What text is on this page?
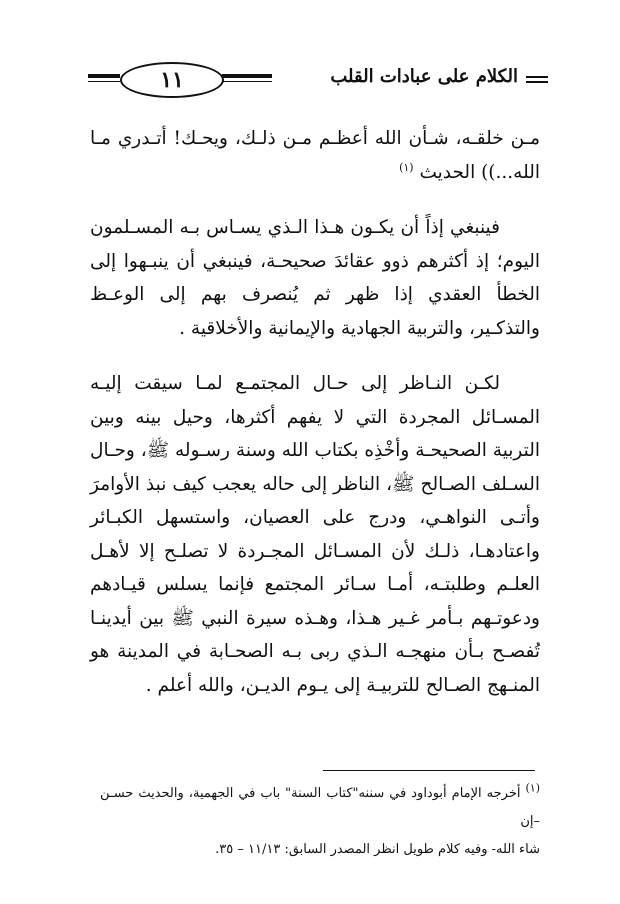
١١	الكلام على عبادات القلب

مـن خلقـه، شـأن الله أعظـم مـن ذلـك، ويحـك! أتـدري مـا الله...)) الحديث $^{(١)}$

فينبغي إذاً أن يكـون هـذا الـذي يسـاس بـه المسـلمون اليوم؛ إذ أكثرهم ذوو عقائدَ صحيحـة، فينبغي أن ينبـهوا إلى الخطأ العقدي إذا ظهر ثم يُنصرف بهم إلى الوعـظ والتذكـير، والتربية الجهادية والإيمانية والأخلاقية .

لكـن النـاظر إلى حـال المجتمـع لمـا سيقت إليـه المسـائل المجردة التي لا يفهم أكثرها، وحيل بينه وبين التربية الصحيحـة وأخْذِه بكتاب الله وسنة رسـوله ﷺ، وحـال السـلف الصـالح ﷺ، الناظر إلى حاله يعجب كيف نبذ الأوامرَ وأتـى النواهـي، ودرج على العصيان، واستسهل الكبـائر واعتادهـا، ذلـك لأن المسـائل المجـردة لا تصلـح إلا لأهـل العلـم وطلبتـه، أمـا سـائر المجتمع فإنما يسلس قيـادهم ودعوتـهم بـأمر غـير هـذا، وهـذه سيرة النبي ﷺ بين أيدينـا تُفصـح بـأن منهجـه الـذي ربى بـه الصحـابة في المدينة هو المنـهج الصـالح للتربيـة إلى يـوم الديـن، والله أعلم .

$^{(١)}$ أخرجه الإمام أبوداود في سننه"كتاب السنة" باب في الجهمية، والحديث حسـن –إن

شاء الله- وفيه كلام طويل انظر المصدر السابق: ١١/١٣ – ٣٥.
